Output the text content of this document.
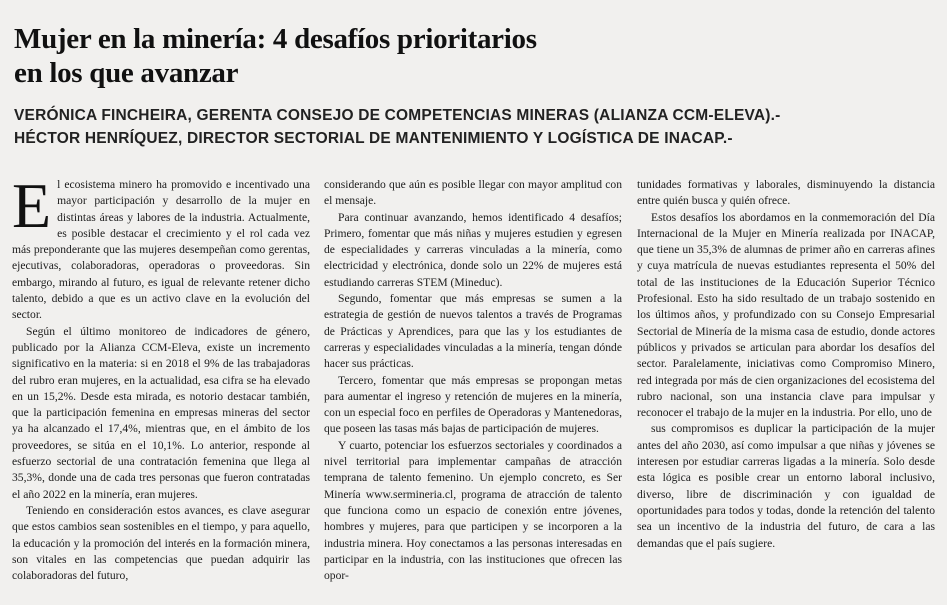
Mujer en la minería: 4 desafíos prioritarios
en los que avanzar
VERÓNICA FINCHEIRA, GERENTA CONSEJO DE COMPETENCIAS MINERAS (ALIANZA CCM-ELEVA).-
HÉCTOR HENRÍQUEZ, DIRECTOR SECTORIAL DE MANTENIMIENTO Y LOGÍSTICA DE INACAP.-

El ecosistema minero ha promovido e incentivado una mayor participación y desarrollo de la mujer en distintas áreas y labores de la industria. Actualmente, es posible destacar el crecimiento y el rol cada vez más preponderante que las mujeres desempeñan como gerentas, ejecutivas, colaboradoras, operadoras o proveedoras. Sin embargo, mirando al futuro, es igual de relevante retener dicho talento, debido a que es un activo clave en la evolución del sector.

Según el último monitoreo de indicadores de género, publicado por la Alianza CCM-Eleva, existe un incremento significativo en la materia: si en 2018 el 9% de las trabajadoras del rubro eran mujeres, en la actualidad, esa cifra se ha elevado en un 15,2%. Desde esta mirada, es notorio destacar también, que la participación femenina en empresas mineras del sector ya ha alcanzado el 17,4%, mientras que, en el ámbito de los proveedores, se sitúa en el 10,1%. Lo anterior, responde al esfuerzo sectorial de una contratación femenina que llega al 35,3%, donde una de cada tres personas que fueron contratadas el año 2022 en la minería, eran mujeres.

Teniendo en consideración estos avances, es clave asegurar que estos cambios sean sostenibles en el tiempo, y para aquello, la educación y la promoción del interés en la formación minera, son vitales en las competencias que puedan adquirir las colaboradoras del futuro,

considerando que aún es posible llegar con mayor amplitud con el mensaje.

Para continuar avanzando, hemos identificado 4 desafíos; Primero, fomentar que más niñas y mujeres estudien y egresen de especialidades y carreras vinculadas a la minería, como electricidad y electrónica, donde solo un 22% de mujeres está estudiando carreras STEM (Mineduc).

Segundo, fomentar que más empresas se sumen a la estrategia de gestión de nuevos talentos a través de Programas de Prácticas y Aprendices, para que las y los estudiantes de carreras y especialidades vinculadas a la minería, tengan dónde hacer sus prácticas.

Tercero, fomentar que más empresas se propongan metas para aumentar el ingreso y retención de mujeres en la minería, con un especial foco en perfiles de Operadoras y Mantenedoras, que poseen las tasas más bajas de participación de mujeres.

Y cuarto, potenciar los esfuerzos sectoriales y coordinados a nivel territorial para implementar campañas de atracción temprana de talento femenino. Un ejemplo concreto, es Ser Minería www.sermineria.cl, programa de atracción de talento que funciona como un espacio de conexión entre jóvenes, hombres y mujeres, para que participen y se incorporen a la industria minera. Hoy conectamos a las personas interesadas en participar en la industria, con las instituciones que ofrecen las opor-

tunidades formativas y laborales, disminuyendo la distancia entre quién busca y quién ofrece.

Estos desafíos los abordamos en la conmemoración del Día Internacional de la Mujer en Minería realizada por INACAP, que tiene un 35,3% de alumnas de primer año en carreras afines y cuya matrícula de nuevas estudiantes representa el 50% del total de las instituciones de la Educación Superior Técnico Profesional. Esto ha sido resultado de un trabajo sostenido en los últimos años, y profundizado con su Consejo Empresarial Sectorial de Minería de la misma casa de estudio, donde actores públicos y privados se articulan para abordar los desafíos del sector. Paralelamente, iniciativas como Compromiso Minero, red integrada por más de cien organizaciones del ecosistema del rubro nacional, son una instancia clave para impulsar y reconocer el trabajo de la mujer en la industria. Por ello, uno de

sus compromisos es duplicar la participación de la mujer antes del año 2030, así como impulsar a que niñas y jóvenes se interesen por estudiar carreras ligadas a la minería. Solo desde esta lógica es posible crear un entorno laboral inclusivo, diverso, libre de discriminación y con igualdad de oportunidades para todos y todas, donde la retención del talento sea un incentivo de la industria del futuro, de cara a las demandas que el país sugiere.
